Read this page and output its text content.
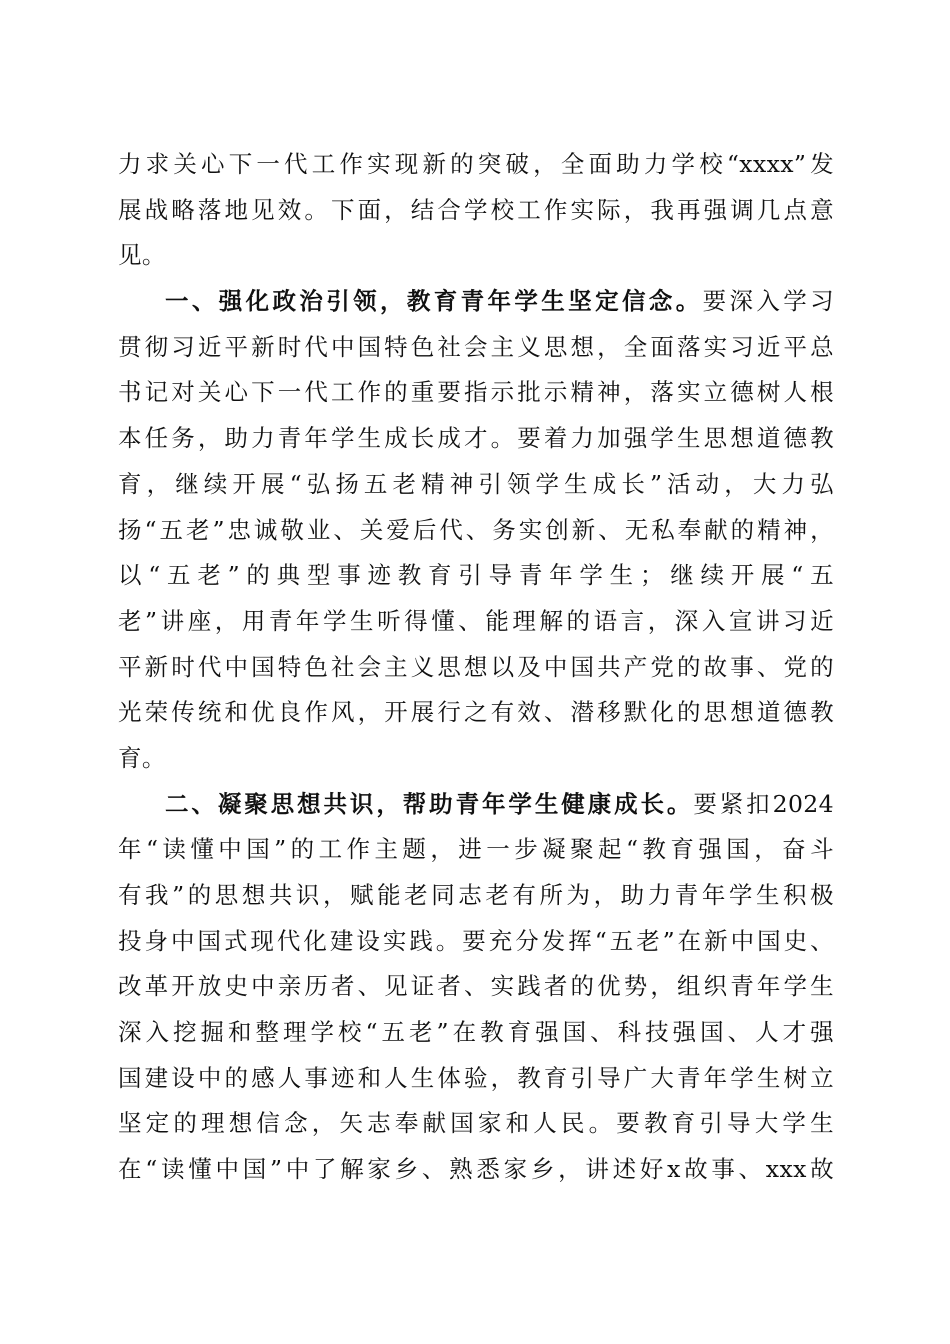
力求关心下一代工作实现新的突破，全面助力学校“xxxx”发
展战略落地见效。下面，结合学校工作实际，我再强调几点意
见。
一、强化政治引领，教育青年学生坚定信念。要深入学习
贯彻习近平新时代中国特色社会主义思想，全面落实习近平总
书记对关心下一代工作的重要指示批示精神，落实立德树人根
本任务，助力青年学生成长成才。要着力加强学生思想道德教
育，继续开展“弘扬五老精神引领学生成长”活动，大力弘
扬“五老”忠诚敬业、关爱后代、务实创新、无私奉献的精神，
以“五老”的典型事迹教育引导青年学生；继续开展“五
老”讲座，用青年学生听得懂、能理解的语言，深入宣讲习近
平新时代中国特色社会主义思想以及中国共产党的故事、党的
光荣传统和优良作风，开展行之有效、潜移默化的思想道德教
育。
二、凝聚思想共识，帮助青年学生健康成长。要紧扣2024
年“读懂中国”的工作主题，进一步凝聚起“教育强国，奋斗
有我”的思想共识，赋能老同志老有所为，助力青年学生积极
投身中国式现代化建设实践。要充分发挥“五老”在新中国史、
改革开放史中亲历者、见证者、实践者的优势，组织青年学生
深入挖掘和整理学校“五老”在教育强国、科技强国、人才强
国建设中的感人事迹和人生体验，教育引导广大青年学生树立
坚定的理想信念，矢志奉献国家和人民。要教育引导大学生
在“读懂中国”中了解家乡、熟悉家乡，讲述好x故事、xxx故
